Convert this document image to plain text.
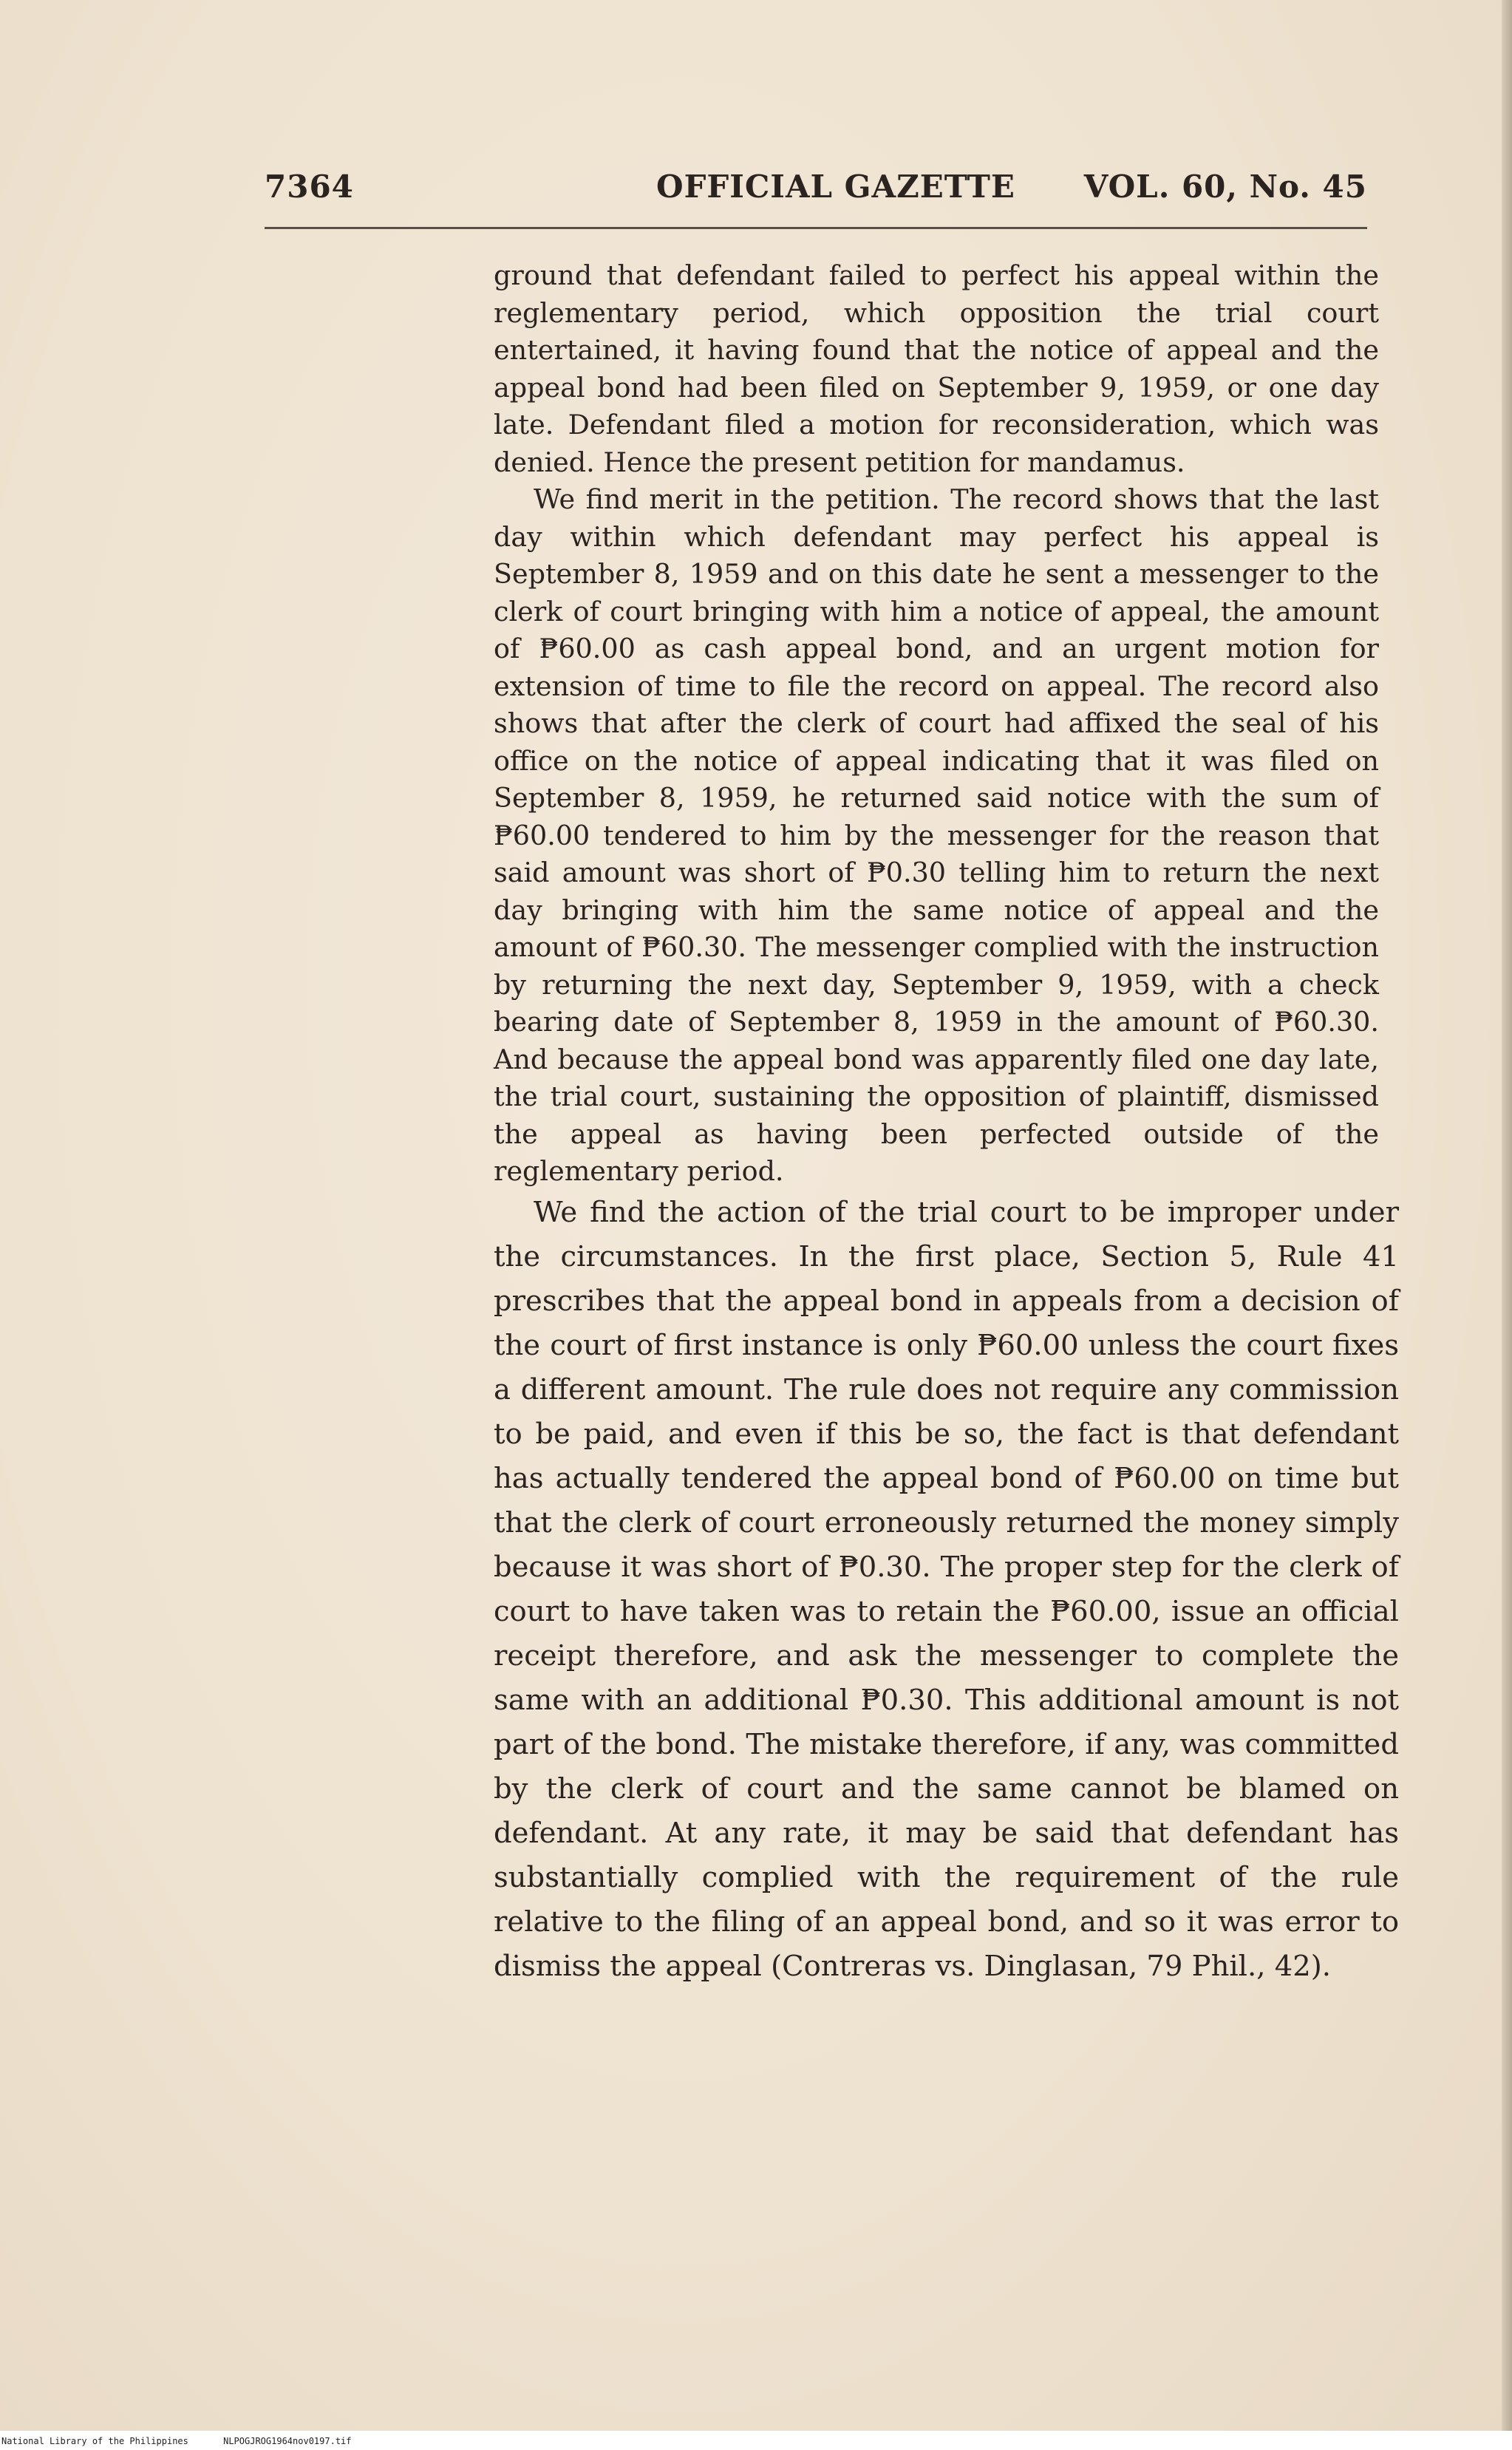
7364	OFFICIAL GAZETTE VOL. 60, No. 45

ground that defendant failed to perfect his appeal within the reglementary period, which opposition the trial court entertained, it having found that the notice of appeal and the appeal bond had been filed on September 9, 1959, or one day late. Defendant filed a motion for reconsideration, which was denied. Hence the present petition for mandamus.

We find merit in the petition. The record shows that the last day within which defendant may perfect his appeal is September 8, 1959 and on this date he sent a messenger to the clerk of court bringing with him a notice of appeal, the amount of ₱60.00 as cash appeal bond, and an urgent motion for extension of time to file the record on appeal. The record also shows that after the clerk of court had affixed the seal of his office on the notice of appeal indicating that it was filed on September 8, 1959, he returned said notice with the sum of ₱60.00 tendered to him by the messenger for the reason that said amount was short of ₱0.30 telling him to return the next day bringing with him the same notice of appeal and the amount of ₱60.30. The messenger complied with the instruction by returning the next day, September 9, 1959, with a check bearing date of September 8, 1959 in the amount of ₱60.30. And because the appeal bond was apparently filed one day late, the trial court, sustaining the opposition of plaintiff, dismissed the appeal as having been perfected outside of the reglementary period.

We find the action of the trial court to be improper under the circumstances. In the first place, Section 5, Rule 41 prescribes that the appeal bond in appeals from a decision of the court of first instance is only ₱60.00 unless the court fixes a different amount. The rule does not require any commission to be paid, and even if this be so, the fact is that defendant has actually tendered the appeal bond of ₱60.00 on time but that the clerk of court erroneously returned the money simply because it was short of ₱0.30. The proper step for the clerk of court to have taken was to retain the ₱60.00, issue an official receipt therefore, and ask the messenger to complete the same with an additional ₱0.30. This additional amount is not part of the bond. The mistake therefore, if any, was committed by the clerk of court and the same cannot be blamed on defendant. At any rate, it may be said that defendant has substantially complied with the requirement of the rule relative to the filing of an appeal bond, and so it was error to dismiss the appeal (Contreras vs. Dinglasan, 79 Phil., 42).

National Library of the Philippines	NLPOGJROG1964nov0197.tif
